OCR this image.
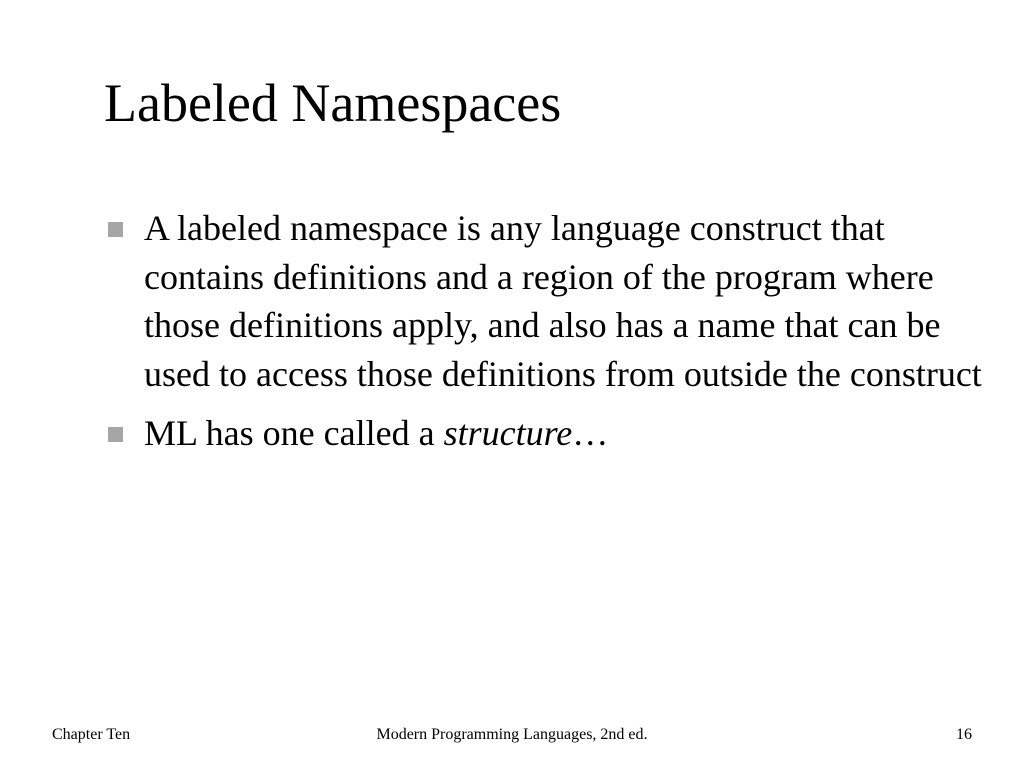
Labeled Namespaces
A labeled namespace is any language construct that contains definitions and a region of the program where those definitions apply, and also has a name that can be used to access those definitions from outside the construct
ML has one called a structure…
Chapter Ten	Modern Programming Languages, 2nd ed.	16
